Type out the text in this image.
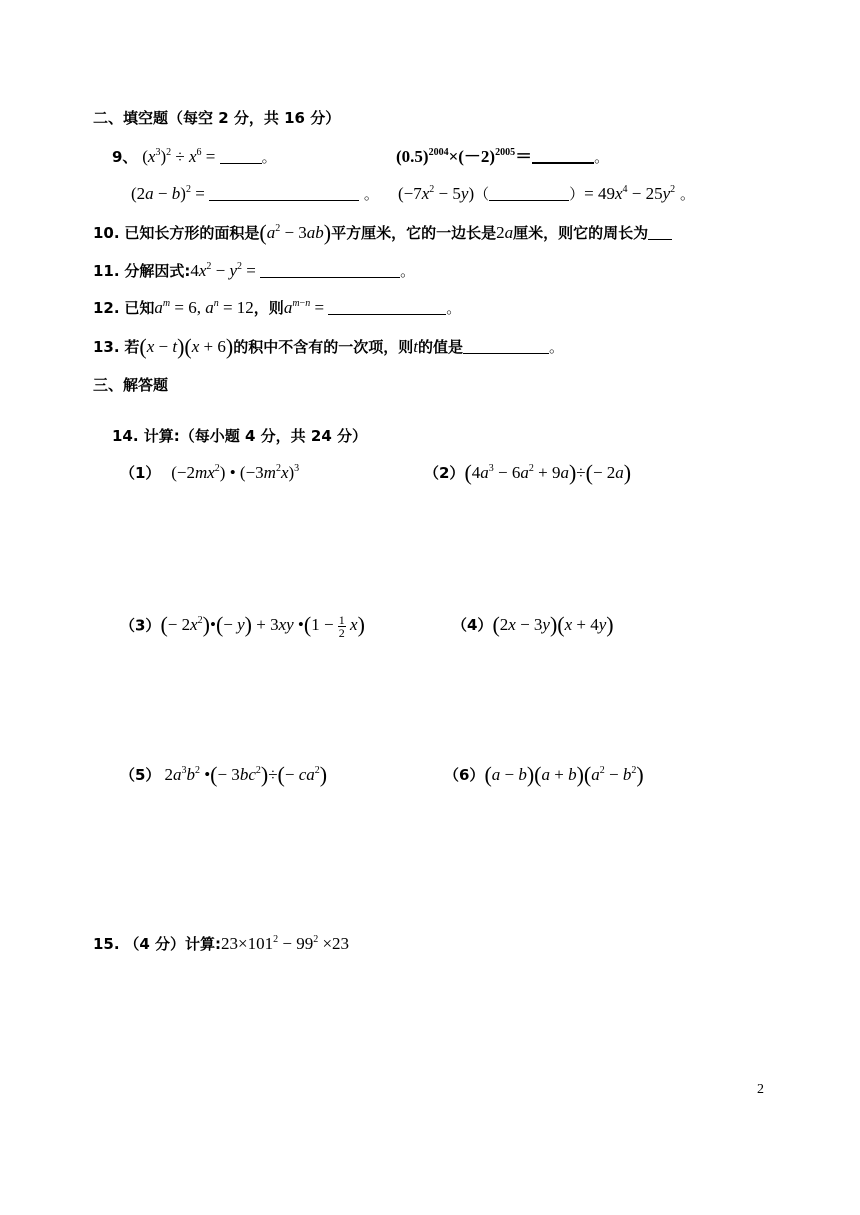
二、填空题（每空 2 分，共 16 分）
9、 $(x^3)^2 \div x^6$ =	。	$(0.5)^{2004}\times(-2)^{2005}=$	。
$(2a - b)^2$ =	。 $(-7x^2 - 5y)$（	）= $49x^4 - 25y^2$ 。
10. 已知长方形的面积是$(a^2 - 3ab)$平方厘米，它的一边长是2a厘米，则它的周长为
11. 分解因式$:4x^2 - y^2$ =	。
12. 已知$a^m = 6$, $a^n = 12$，则$a^{m-n}$ =	。
13. 若(x − t)(x + 6)的积中不含有的一次项，则t的值是	。
三、解答题
14. 计算:（每小题 4 分，共 24 分）
（1） $(-2mx^2)$ • $(-3m^2x)^3$	$(2)(4a^3 - 6a^2 + 9a)\div(- 2a)$
$(3)(- 2x^2)•(- y) + 3xy$ •(1 − $\frac{1}{2} x$)	（4）(2x − 3y)(x + 4y)
（5） $2a^3b^2$ •(− $3bc^2)\div(- ca^2)$	$(6)(a - b)(a + b)(a^2 - b^2)$
15. （4 分）计算$:23\times 101^2 - 99^2 \times 23$
2
